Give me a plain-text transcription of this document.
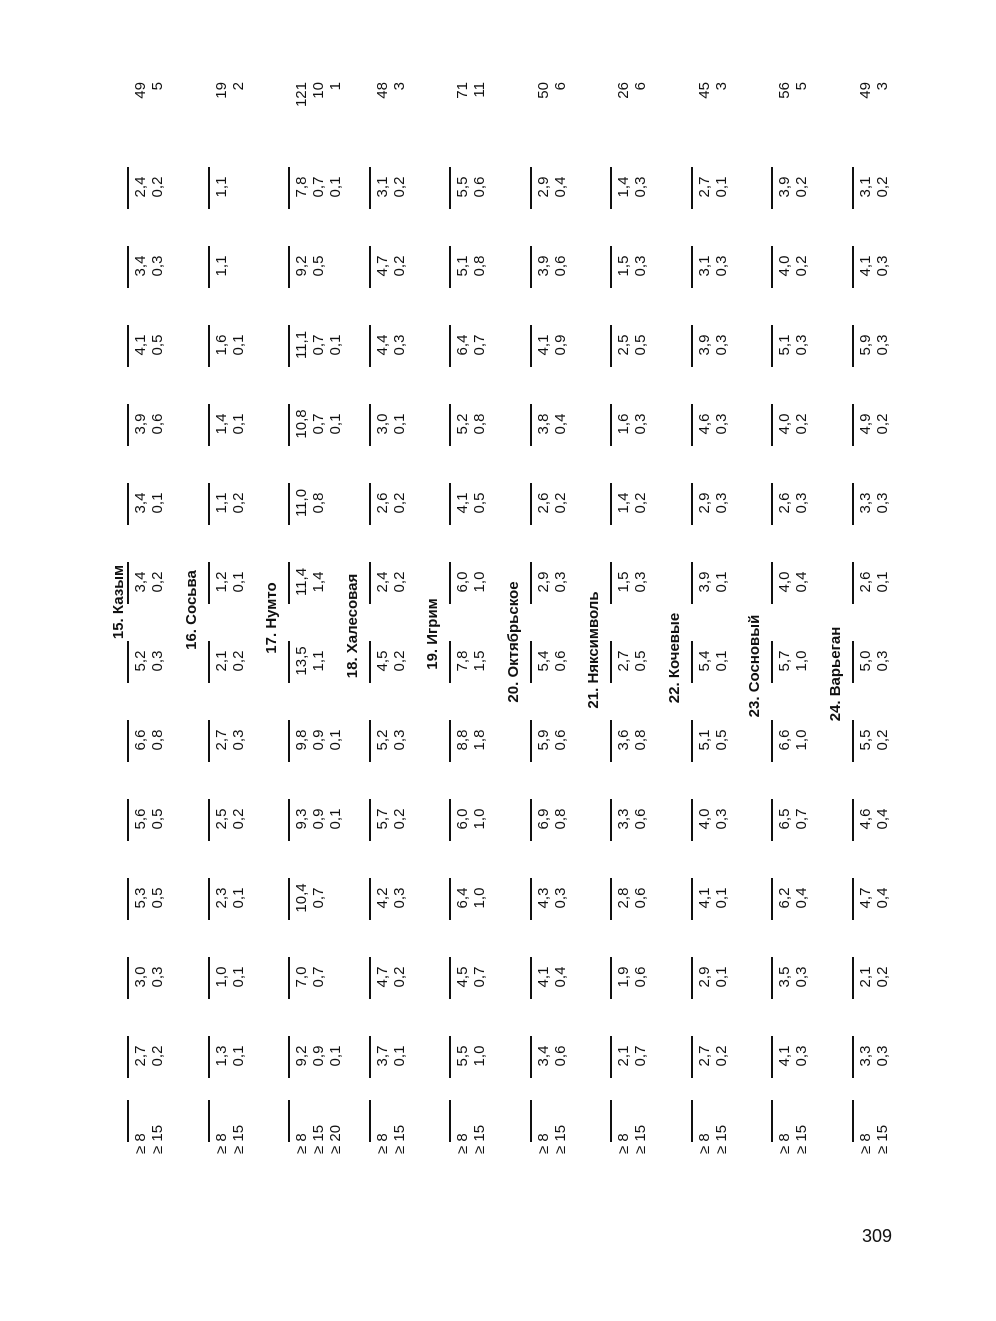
15. Казым
≥ 8
2,7
3,0
5,3
5,6
6,6
5,2
3,4
3,4
3,9
4,1
3,4
2,4
49
≥ 15
0,2
0,3
0,5
0,5
0,8
0,3
0,2
0,1
0,6
0,5
0,3
0,2
5
16. Сосьва
≥ 8
1,3
1,0
2,3
2,5
2,7
2,1
1,2
1,1
1,4
1,6
1,1
1,1
19
≥ 15
0,1
0,1
0,1
0,2
0,3
0,2
0,1
0,2
0,1
0,1
2
17. Нумто
≥ 8
9,2
7,0
10,4
9,3
9,8
13,5
11,4
11,0
10,8
11,1
9,2
7,8
121
≥ 15
0,9
0,7
0,7
0,9
0,9
1,1
1,4
0,8
0,7
0,7
0,5
0,7
10
≥ 20
0,1
0,1
0,1
0,1
0,1
0,1
1
18. Халесовая
≥ 8
3,7
4,7
4,2
5,7
5,2
4,5
2,4
2,6
3,0
4,4
4,7
3,1
48
≥ 15
0,1
0,2
0,3
0,2
0,3
0,2
0,2
0,2
0,1
0,3
0,2
0,2
3
19. Игрим
≥ 8
5,5
4,5
6,4
6,0
8,8
7,8
6,0
4,1
5,2
6,4
5,1
5,5
71
≥ 15
1,0
0,7
1,0
1,0
1,8
1,5
1,0
0,5
0,8
0,7
0,8
0,6
11
20. Октябрьское
≥ 8
3,4
4,1
4,3
6,9
5,9
5,4
2,9
2,6
3,8
4,1
3,9
2,9
50
≥ 15
0,6
0,4
0,3
0,8
0,6
0,6
0,3
0,2
0,4
0,9
0,6
0,4
6
21. Няксимволь
≥ 8
2,1
1,9
2,8
3,3
3,6
2,7
1,5
1,4
1,6
2,5
1,5
1,4
26
≥ 15
0,7
0,6
0,6
0,6
0,8
0,5
0,3
0,2
0,3
0,5
0,3
0,3
6
22. Кочевые
≥ 8
2,7
2,9
4,1
4,0
5,1
5,4
3,9
2,9
4,6
3,9
3,1
2,7
45
≥ 15
0,2
0,1
0,1
0,3
0,5
0,1
0,1
0,3
0,3
0,3
0,3
0,1
3
23. Сосновый
≥ 8
4,1
3,5
6,2
6,5
6,6
5,7
4,0
2,6
4,0
5,1
4,0
3,9
56
≥ 15
0,3
0,3
0,4
0,7
1,0
1,0
0,4
0,3
0,2
0,3
0,2
0,2
5
24. Варьеган
≥ 8
3,3
2,1
4,7
4,6
5,5
5,0
2,6
3,3
4,9
5,9
4,1
3,1
49
≥ 15
0,3
0,2
0,4
0,4
0,2
0,3
0,1
0,3
0,2
0,3
0,3
0,2
3
309
